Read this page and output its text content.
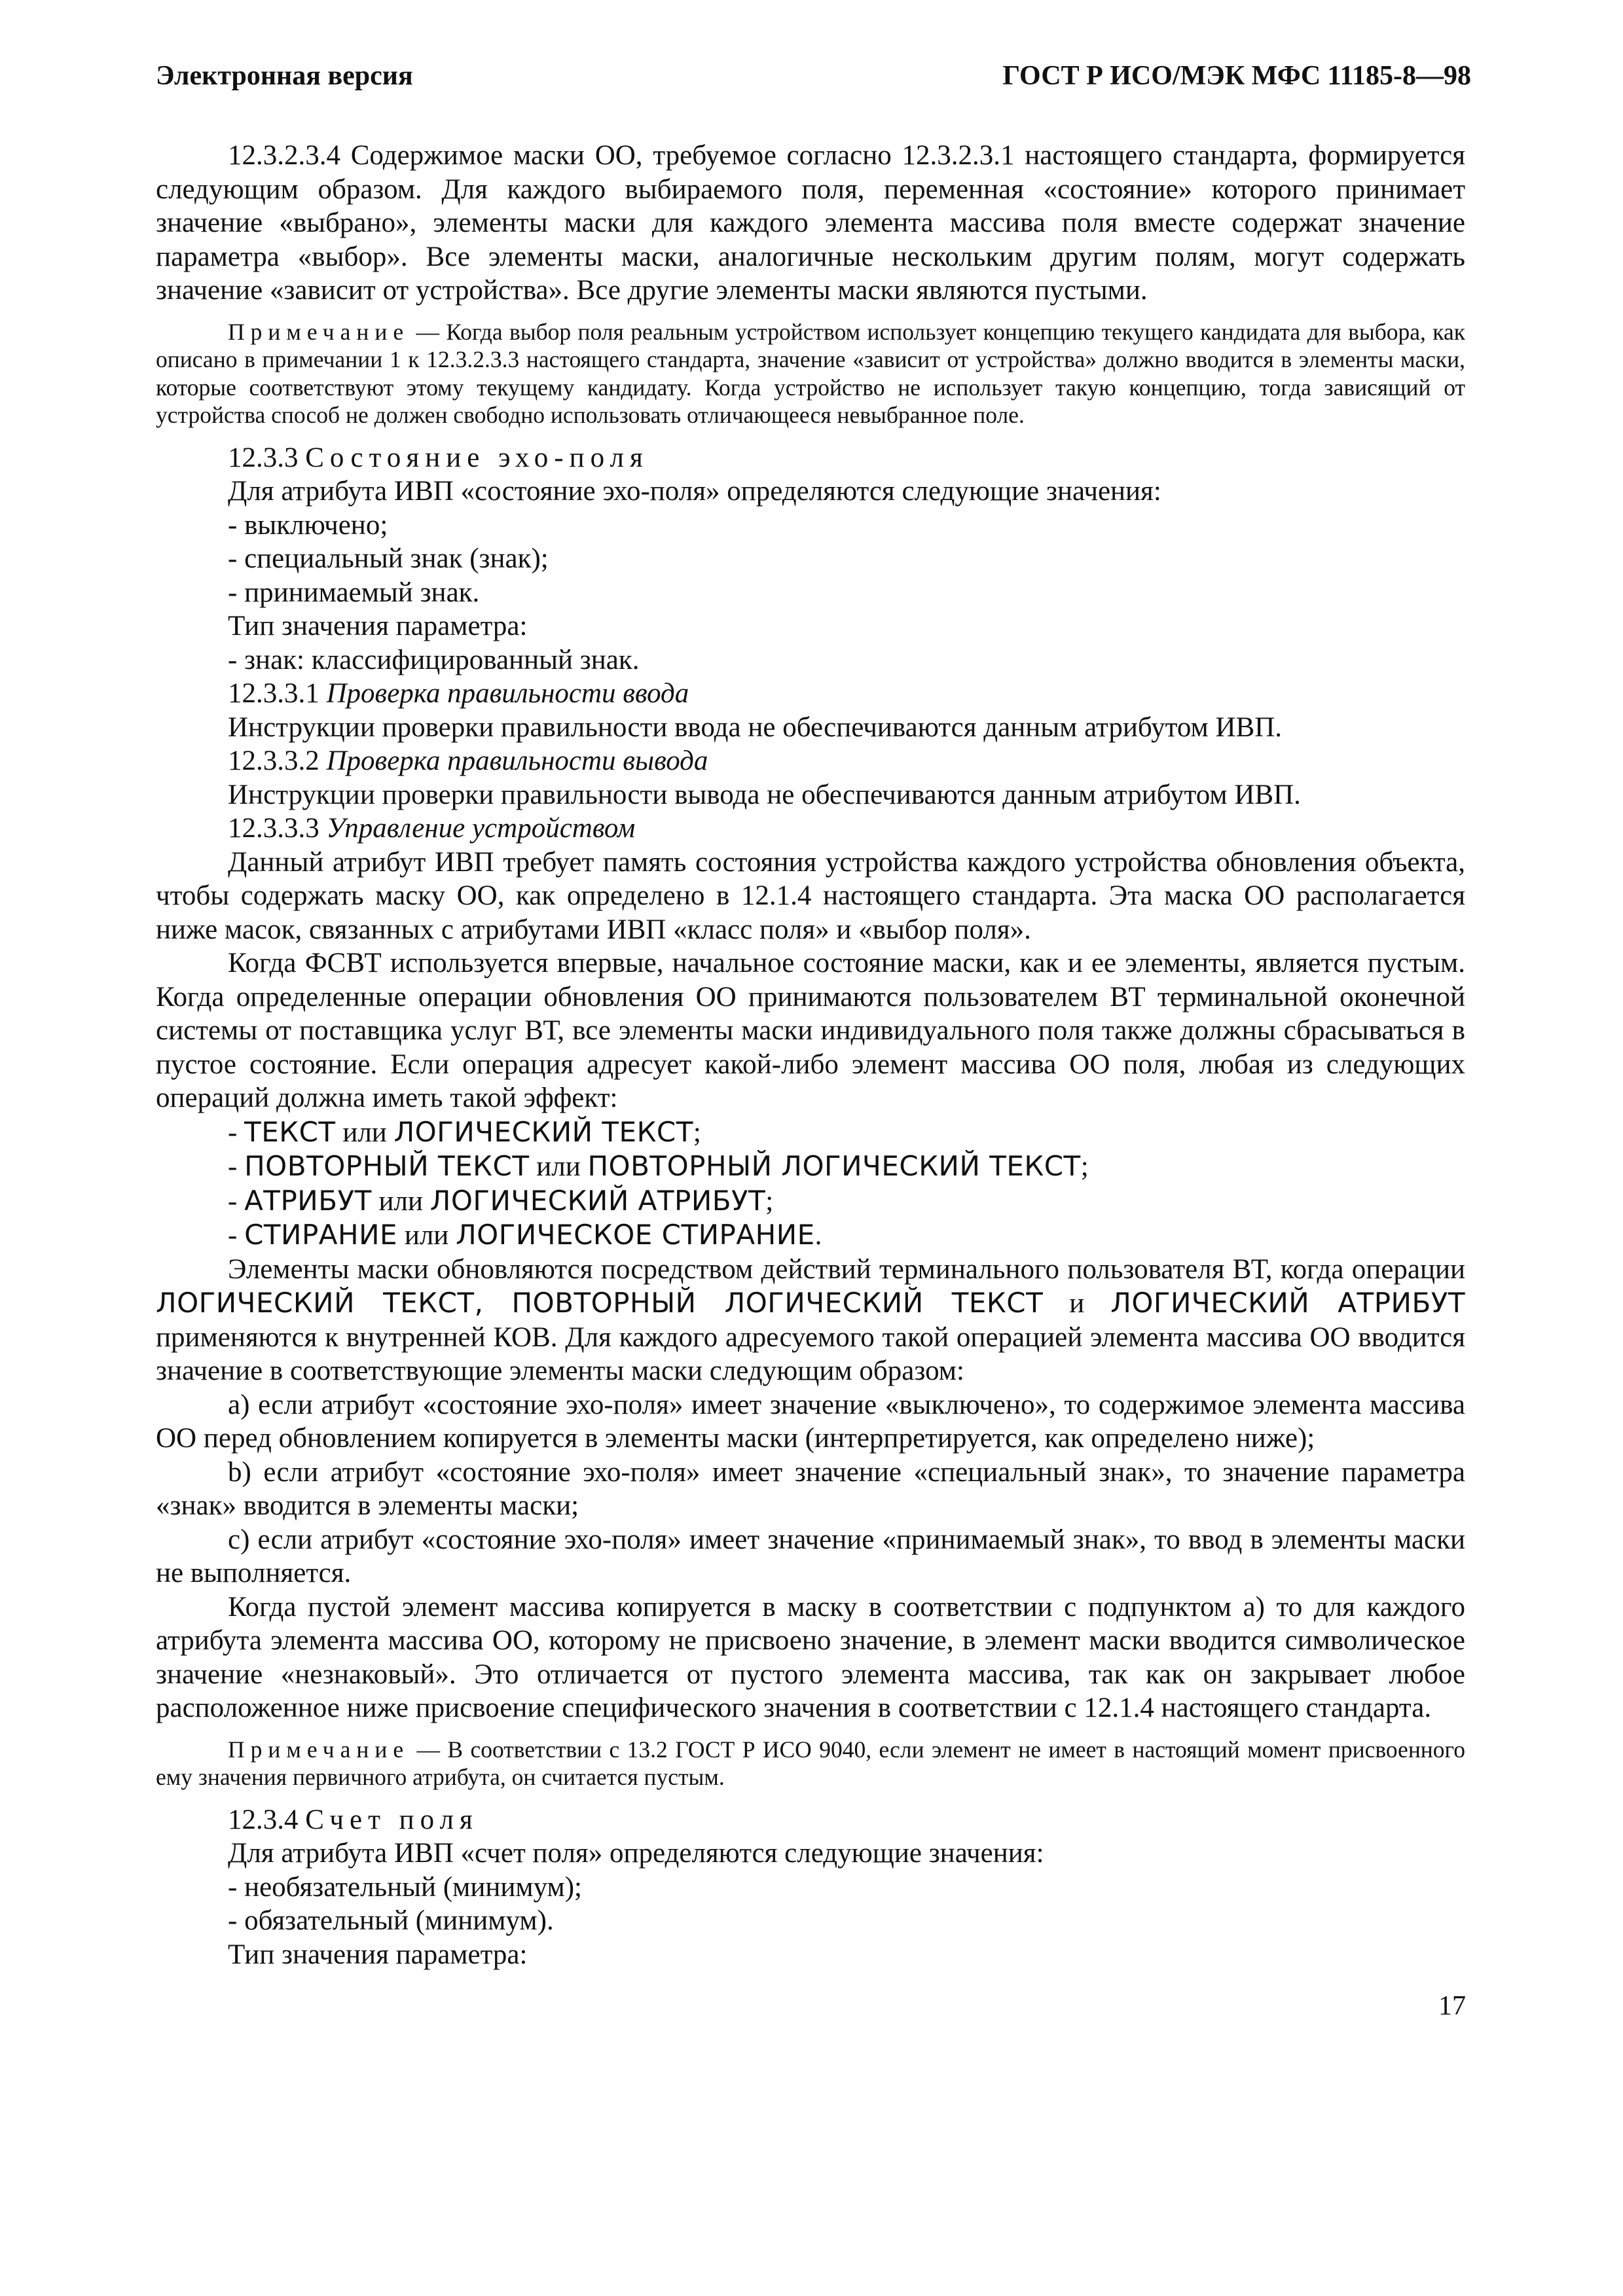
Электронная версия	ГОСТ Р ИСО/МЭК МФС 11185-8—98

12.3.2.3.4 Содержимое маски ОО, требуемое согласно 12.3.2.3.1 настоящего стандарта, формируется следующим образом. Для каждого выбираемого поля, переменная «состояние» которого принимает значение «выбрано», элементы маски для каждого элемента массива поля вместе содержат значение параметра «выбор». Все элементы маски, аналогичные нескольким другим полям, могут содержать значение «зависит от устройства». Все другие элементы маски являются пустыми.

Примечание — Когда выбор поля реальным устройством использует концепцию текущего кандидата для выбора, как описано в примечании 1 к 12.3.2.3.3 настоящего стандарта, значение «зависит от устройства» должно вводится в элементы маски, которые соответствуют этому текущему кандидату. Когда устройство не использует такую концепцию, тогда зависящий от устройства способ не должен свободно использовать отличающееся невыбранное поле.

12.3.3 Состояние эхо-поля

Для атрибута ИВП «состояние эхо-поля» определяются следующие значения:

- выключено;

- специальный знак (знак);

- принимаемый знак.

Тип значения параметра:

- знак: классифицированный знак.

12.3.3.1 Проверка правильности ввода

Инструкции проверки правильности ввода не обеспечиваются данным атрибутом ИВП.

12.3.3.2 Проверка правильности вывода

Инструкции проверки правильности вывода не обеспечиваются данным атрибутом ИВП.

12.3.3.3 Управление устройством

Данный атрибут ИВП требует память состояния устройства каждого устройства обновления объекта, чтобы содержать маску ОО, как определено в 12.1.4 настоящего стандарта. Эта маска ОО располагается ниже масок, связанных с атрибутами ИВП «класс поля» и «выбор поля».

Когда ФСВТ используется впервые, начальное состояние маски, как и ее элементы, является пустым. Когда определенные операции обновления ОО принимаются пользователем ВТ терминальной оконечной системы от поставщика услуг ВТ, все элементы маски индивидуального поля также должны сбрасываться в пустое состояние. Если операция адресует какой-либо элемент массива ОО поля, любая из следующих операций должна иметь такой эффект:

- ТЕКСТ или ЛОГИЧЕСКИЙ ТЕКСТ;

- ПОВТОРНЫЙ ТЕКСТ или ПОВТОРНЫЙ ЛОГИЧЕСКИЙ ТЕКСТ;

- АТРИБУТ или ЛОГИЧЕСКИЙ АТРИБУТ;

- СТИРАНИЕ или ЛОГИЧЕСКОЕ СТИРАНИЕ.

Элементы маски обновляются посредством действий терминального пользователя ВТ, когда операции ЛОГИЧЕСКИЙ ТЕКСТ, ПОВТОРНЫЙ ЛОГИЧЕСКИЙ ТЕКСТ и ЛОГИЧЕСКИЙ АТРИБУТ применяются к внутренней КОВ. Для каждого адресуемого такой операцией элемента массива ОО вводится значение в соответствующие элементы маски следующим образом:

a) если атрибут «состояние эхо-поля» имеет значение «выключено», то содержимое элемента массива ОО перед обновлением копируется в элементы маски (интерпретируется, как определено ниже);

b) если атрибут «состояние эхо-поля» имеет значение «специальный знак», то значение параметра «знак» вводится в элементы маски;

c) если атрибут «состояние эхо-поля» имеет значение «принимаемый знак», то ввод в элементы маски не выполняется.

Когда пустой элемент массива копируется в маску в соответствии с подпунктом a) то для каждого атрибута элемента массива ОО, которому не присвоено значение, в элемент маски вводится символическое значение «незнаковый». Это отличается от пустого элемента массива, так как он закрывает любое расположенное ниже присвоение специфического значения в соответствии с 12.1.4 настоящего стандарта.

Примечание — В соответствии с 13.2 ГОСТ Р ИСО 9040, если элемент не имеет в настоящий момент присвоенного ему значения первичного атрибута, он считается пустым.

12.3.4 Счет поля

Для атрибута ИВП «счет поля» определяются следующие значения:

- необязательный (минимум);

- обязательный (минимум).

Тип значения параметра:

17
